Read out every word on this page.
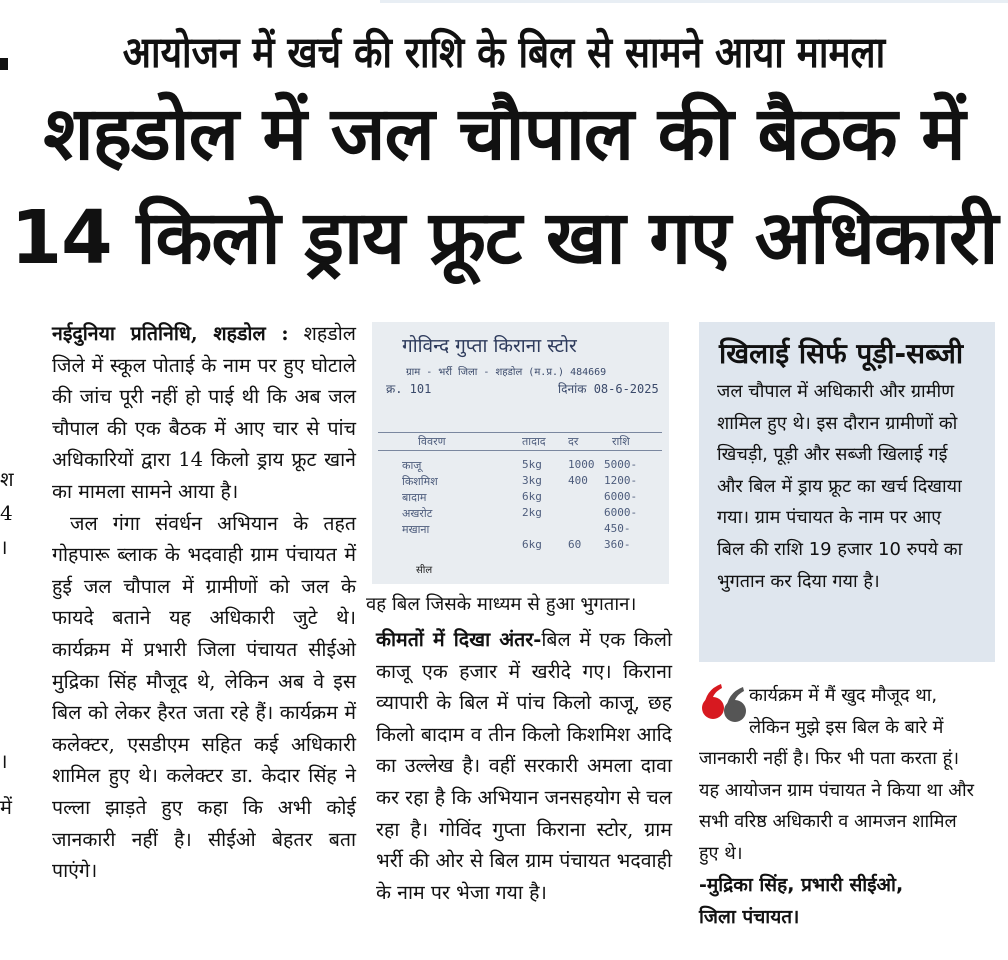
आयोजन में खर्च की राशि के बिल से सामने आया मामला
शहडोल में जल चौपाल की बैठक में
14 किलो ड्राय फ्रूट खा गए अधिकारी
श
4
।
।
में

नईदुनिया प्रतिनिधि, शहडोल : शहडोल जिले में स्कूल पोताई के नाम पर हुए घोटाले की जांच पूरी नहीं हो पाई थी कि अब जल चौपाल की एक बैठक में आए चार से पांच अधिकारियों द्वारा 14 किलो ड्राय फ्रूट खाने का मामला सामने आया है।

जल गंगा संवर्धन अभियान के तहत गोहपारू ब्लाक के भदवाही ग्राम पंचायत में हुई जल चौपाल में ग्रामीणों को जल के फायदे बताने यह अधिकारी जुटे थे। कार्यक्रम में प्रभारी जिला पंचायत सीईओ मुद्रिका सिंह मौजूद थे, लेकिन अब वे इस बिल को लेकर हैरत जता रहे हैं। कार्यक्रम में कलेक्टर, एसडीएम सहित कई अधिकारी शामिल हुए थे। कलेक्टर डा. केदार सिंह ने पल्ला झाड़ते हुए कहा कि अभी कोई जानकारी नहीं है। सीईओ बेहतर बता पाएंगे।

गोविन्द गुप्ता किराना स्टोर
ग्राम - भर्री जिला - शहडोल (म.प्र.) 484669
क्र. 101	दिनांक 08-6-2025
विवरण	तादाद दर	राशि
काजू	5kg 1000 5000-
किशमिश	3kg 400 1200-
बादाम	6kg	6000-
अखरोट	2kg	6000-
मखाना	450-
6kg 60 360-
सील
वह बिल जिसके माध्यम से हुआ भुगतान।

कीमतों में दिखा अंतर-बिल में एक किलो काजू एक हजार में खरीदे गए। किराना व्यापारी के बिल में पांच किलो काजू, छह किलो बादाम व तीन किलो किशमिश आदि का उल्लेख है। वहीं सरकारी अमला दावा कर रहा है कि अभियान जनसहयोग से चल रहा है। गोविंद गुप्ता किराना स्टोर, ग्राम भर्री की ओर से बिल ग्राम पंचायत भदवाही के नाम पर भेजा गया है।

खिलाई सिर्फ पूड़ी-सब्जी
जल चौपाल में अधिकारी और ग्रामीण शामिल हुए थे। इस दौरान ग्रामीणों को खिचड़ी, पूड़ी और सब्जी खिलाई गई और बिल में ड्राय फ्रूट का खर्च दिखाया गया। ग्राम पंचायत के नाम पर आए बिल की राशि 19 हजार 10 रुपये का भुगतान कर दिया गया है।

कार्यक्रम में मैं खुद मौजूद था, लेकिन मुझे इस बिल के बारे में जानकारी नहीं है। फिर भी पता करता हूं। यह आयोजन ग्राम पंचायत ने किया था और सभी वरिष्ठ अधिकारी व आमजन शामिल हुए थे।

-मुद्रिका सिंह, प्रभारी सीईओ,
जिला पंचायत।
